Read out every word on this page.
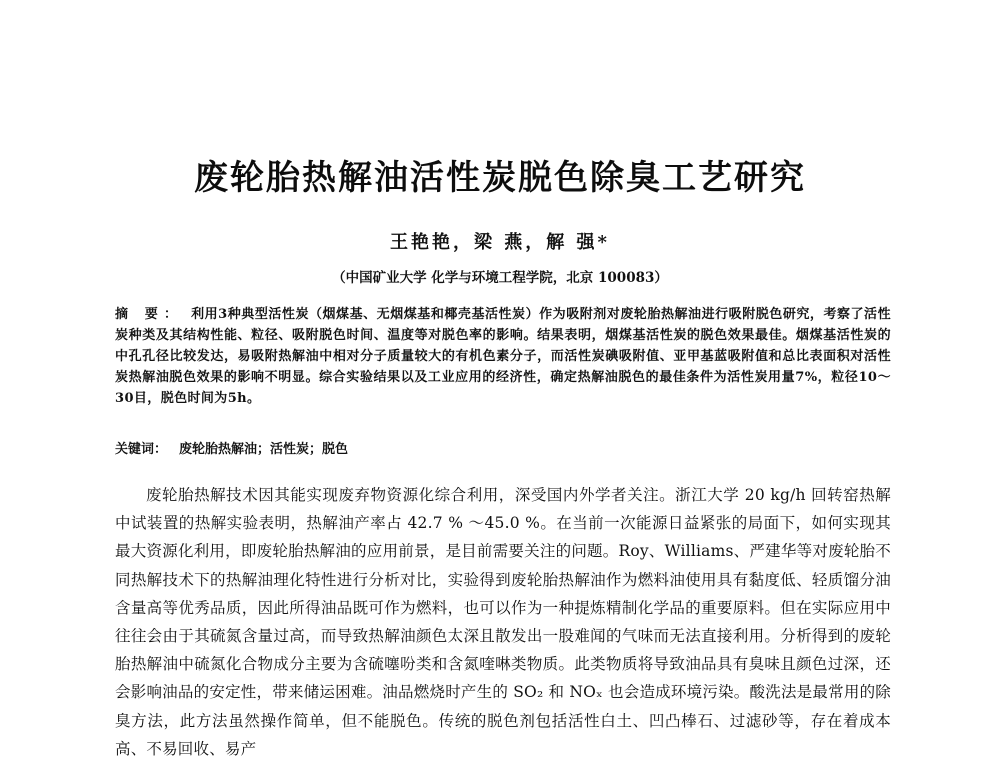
废轮胎热解油活性炭脱色除臭工艺研究
王艳艳，梁 燕，解 强*
（中国矿业大学 化学与环境工程学院，北京 100083）
摘 要： 利用3种典型活性炭（烟煤基、无烟煤基和椰壳基活性炭）作为吸附剂对废轮胎热解油进行吸附脱色研究，考察了活性炭种类及其结构性能、粒径、吸附脱色时间、温度等对脱色率的影响。结果表明，烟煤基活性炭的脱色效果最佳。烟煤基活性炭的中孔孔径比较发达，易吸附热解油中相对分子质量较大的有机色素分子，而活性炭碘吸附值、亚甲基蓝吸附值和总比表面积对活性炭热解油脱色效果的影响不明显。综合实验结果以及工业应用的经济性，确定热解油脱色的最佳条件为活性炭用量7%，粒径10～30目，脱色时间为5h。
关键词： 废轮胎热解油；活性炭；脱色
废轮胎热解技术因其能实现废弃物资源化综合利用，深受国内外学者关注。浙江大学 20 kg/h 回转窑热解中试装置的热解实验表明，热解油产率占 42.7 % ～45.0 %。在当前一次能源日益紧张的局面下，如何实现其最大资源化利用，即废轮胎热解油的应用前景，是目前需要关注的问题。Roy、Williams、严建华等对废轮胎不同热解技术下的热解油理化特性进行分析对比，实验得到废轮胎热解油作为燃料油使用具有黏度低、轻质馏分油含量高等优秀品质，因此所得油品既可作为燃料，也可以作为一种提炼精制化学品的重要原料。但在实际应用中往往会由于其硫氮含量过高，而导致热解油颜色太深且散发出一股难闻的气味而无法直接利用。分析得到的废轮胎热解油中硫氮化合物成分主要为含硫噻吩类和含氮喹啉类物质。此类物质将导致油品具有臭味且颜色过深，还会影响油品的安定性，带来储运困难。油品燃烧时产生的 SO₂ 和 NOₓ 也会造成环境污染。酸洗法是最常用的除臭方法，此方法虽然操作简单，但不能脱色。传统的脱色剂包括活性白土、凹凸棒石、过滤砂等，存在着成本高、不易回收、易产
